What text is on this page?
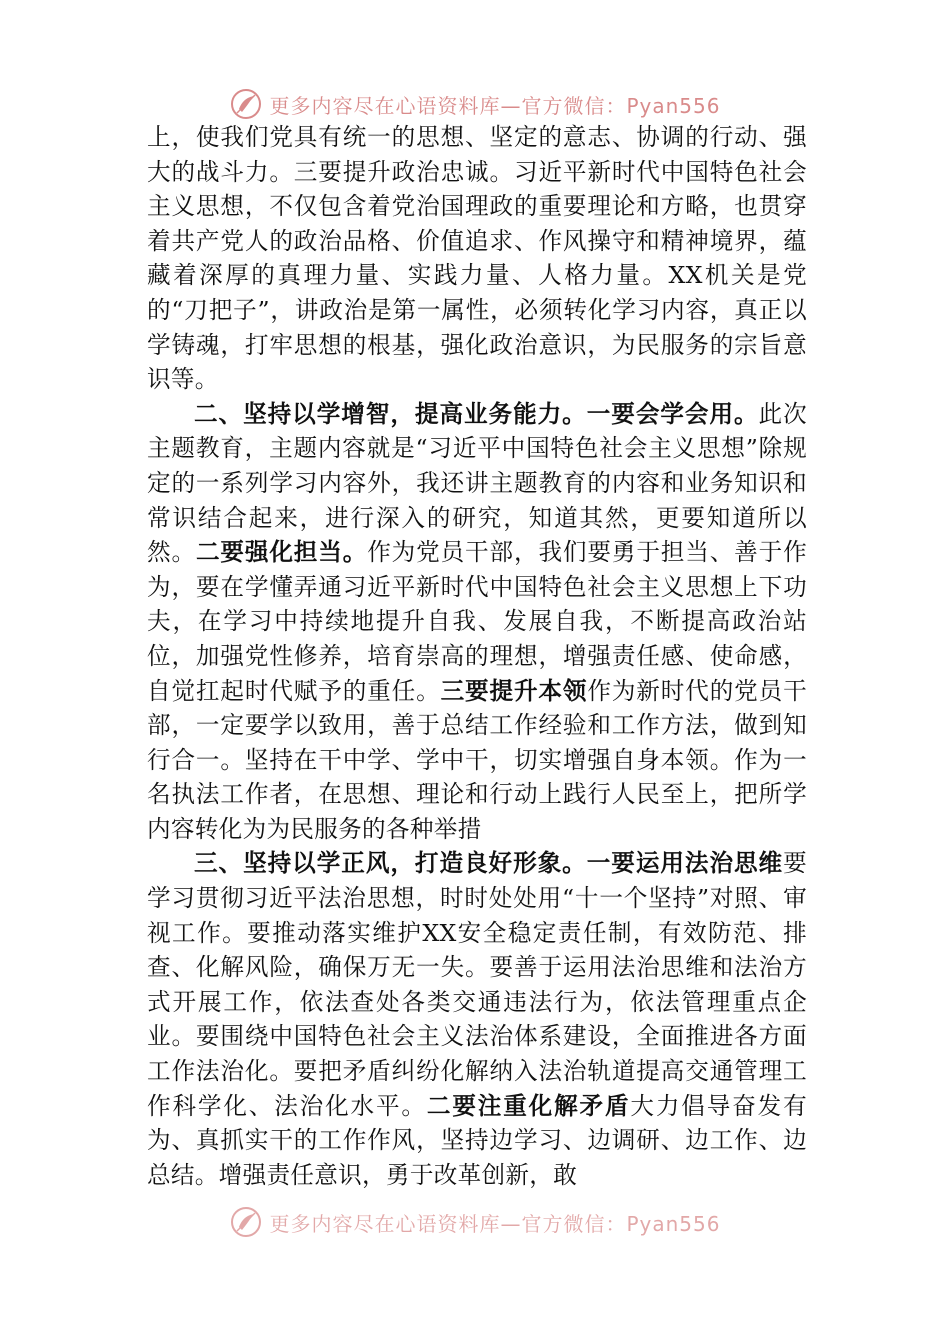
更多内容尽在心语资料库—官方微信：Pyan556

上，使我们党具有统一的思想、坚定的意志、协调的行动、强大的战斗力。三要提升政治忠诚。习近平新时代中国特色社会主义思想，不仅包含着党治国理政的重要理论和方略，也贯穿着共产党人的政治品格、价值追求、作风操守和精神境界，蕴藏着深厚的真理力量、实践力量、人格力量。XX机关是党的“刀把子”，讲政治是第一属性，必须转化学习内容，真正以学铸魂，打牢思想的根基，强化政治意识，为民服务的宗旨意识等。

二、坚持以学增智，提高业务能力。一要会学会用。此次主题教育，主题内容就是“习近平中国特色社会主义思想”除规定的一系列学习内容外，我还讲主题教育的内容和业务知识和常识结合起来，进行深入的研究，知道其然，更要知道所以然。二要强化担当。作为党员干部，我们要勇于担当、善于作为，要在学懂弄通习近平新时代中国特色社会主义思想上下功夫，在学习中持续地提升自我、发展自我，不断提高政治站位，加强党性修养，培育崇高的理想，增强责任感、使命感，自觉扛起时代赋予的重任。三要提升本领作为新时代的党员干部，一定要学以致用，善于总结工作经验和工作方法，做到知行合一。坚持在干中学、学中干，切实增强自身本领。作为一名执法工作者，在思想、理论和行动上践行人民至上，把所学内容转化为为民服务的各种举措

三、坚持以学正风，打造良好形象。一要运用法治思维要学习贯彻习近平法治思想，时时处处用“十一个坚持”对照、审视工作。要推动落实维护XX安全稳定责任制，有效防范、排查、化解风险，确保万无一失。要善于运用法治思维和法治方式开展工作，依法查处各类交通违法行为，依法管理重点企业。要围绕中国特色社会主义法治体系建设，全面推进各方面工作法治化。要把矛盾纠纷化解纳入法治轨道提高交通管理工作科学化、法治化水平。二要注重化解矛盾大力倡导奋发有为、真抓实干的工作作风，坚持边学习、边调研、边工作、边总结。增强责任意识，勇于改革创新，敢

更多内容尽在心语资料库—官方微信：Pyan556
